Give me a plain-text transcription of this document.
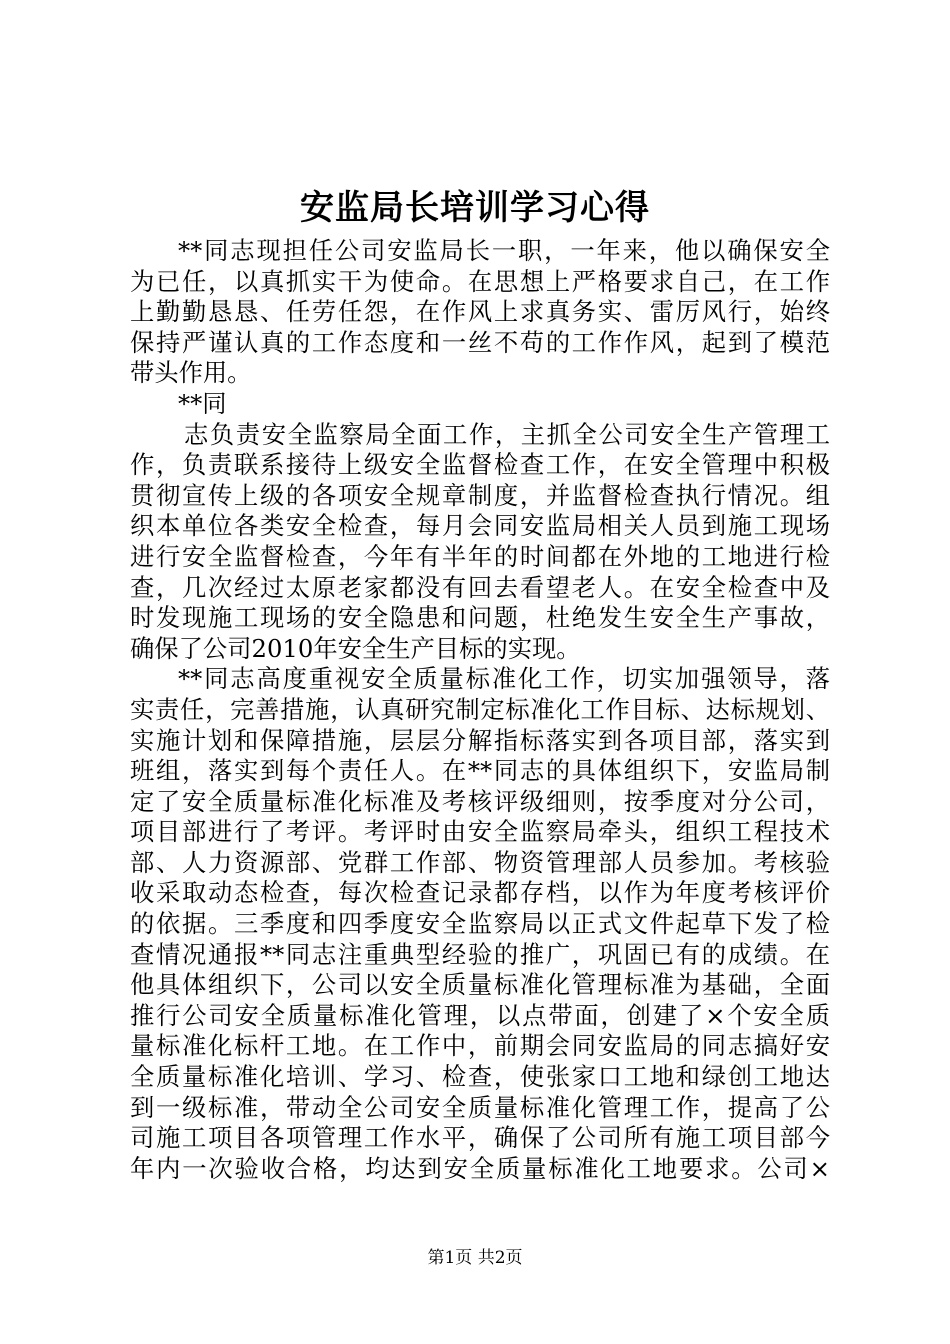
安监局长培训学习心得
**同志现担任公司安监局长一职，一年来，他以确保安全
为已任，以真抓实干为使命。在思想上严格要求自己，在工作
上勤勤恳恳、任劳任怨，在作风上求真务实、雷厉风行，始终
保持严谨认真的工作态度和一丝不苟的工作作风，起到了模范
带头作用。
**同
志负责安全监察局全面工作，主抓全公司安全生产管理工
作，负责联系接待上级安全监督检查工作，在安全管理中积极
贯彻宣传上级的各项安全规章制度，并监督检查执行情况。组
织本单位各类安全检查，每月会同安监局相关人员到施工现场
进行安全监督检查，今年有半年的时间都在外地的工地进行检
查，几次经过太原老家都没有回去看望老人。在安全检查中及
时发现施工现场的安全隐患和问题，杜绝发生安全生产事故，
确保了公司2010年安全生产目标的实现。
**同志高度重视安全质量标准化工作，切实加强领导，落
实责任，完善措施，认真研究制定标准化工作目标、达标规划、
实施计划和保障措施，层层分解指标落实到各项目部，落实到
班组，落实到每个责任人。在**同志的具体组织下，安监局制
定了安全质量标准化标准及考核评级细则，按季度对分公司，
项目部进行了考评。考评时由安全监察局牵头，组织工程技术
部、人力资源部、党群工作部、物资管理部人员参加。考核验
收采取动态检查，每次检查记录都存档，以作为年度考核评价
的依据。三季度和四季度安全监察局以正式文件起草下发了检
查情况通报**同志注重典型经验的推广，巩固已有的成绩。在
他具体组织下，公司以安全质量标准化管理标准为基础，全面
推行公司安全质量标准化管理，以点带面，创建了×个安全质
量标准化标杆工地。在工作中，前期会同安监局的同志搞好安
全质量标准化培训、学习、检查，使张家口工地和绿创工地达
到一级标准，带动全公司安全质量标准化管理工作，提高了公
司施工项目各项管理工作水平，确保了公司所有施工项目部今
年内一次验收合格，均达到安全质量标准化工地要求。公司×
第1页 共2页
